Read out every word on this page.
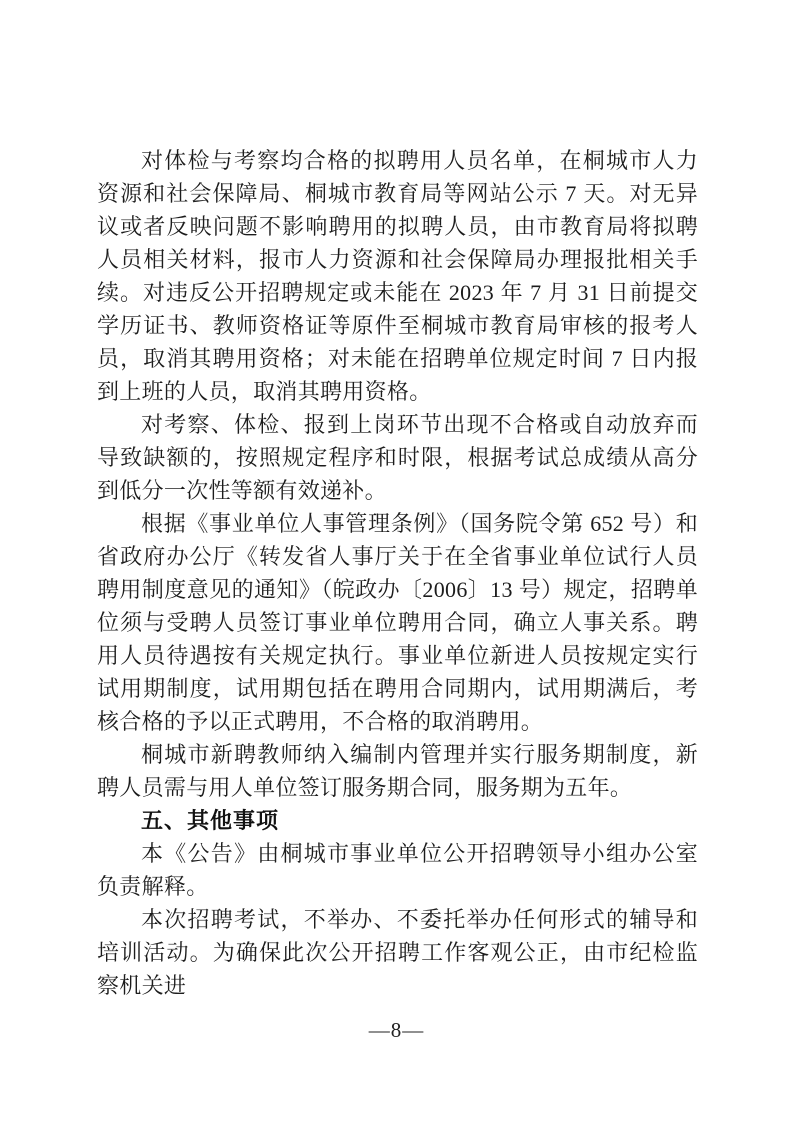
对体检与考察均合格的拟聘用人员名单，在桐城市人力资源和社会保障局、桐城市教育局等网站公示 7 天。对无异议或者反映问题不影响聘用的拟聘人员，由市教育局将拟聘人员相关材料，报市人力资源和社会保障局办理报批相关手续。对违反公开招聘规定或未能在 2023 年 7 月 31 日前提交学历证书、教师资格证等原件至桐城市教育局审核的报考人员，取消其聘用资格；对未能在招聘单位规定时间 7 日内报到上班的人员，取消其聘用资格。

对考察、体检、报到上岗环节出现不合格或自动放弃而导致缺额的，按照规定程序和时限，根据考试总成绩从高分到低分一次性等额有效递补。

根据《事业单位人事管理条例》（国务院令第 652 号）和省政府办公厅《转发省人事厅关于在全省事业单位试行人员聘用制度意见的通知》（皖政办〔2006〕13 号）规定，招聘单位须与受聘人员签订事业单位聘用合同，确立人事关系。聘用人员待遇按有关规定执行。事业单位新进人员按规定实行试用期制度，试用期包括在聘用合同期内，试用期满后，考核合格的予以正式聘用，不合格的取消聘用。

桐城市新聘教师纳入编制内管理并实行服务期制度，新聘人员需与用人单位签订服务期合同，服务期为五年。

五、其他事项

本《公告》由桐城市事业单位公开招聘领导小组办公室负责解释。

本次招聘考试，不举办、不委托举办任何形式的辅导和培训活动。为确保此次公开招聘工作客观公正，由市纪检监察机关进

—8—
